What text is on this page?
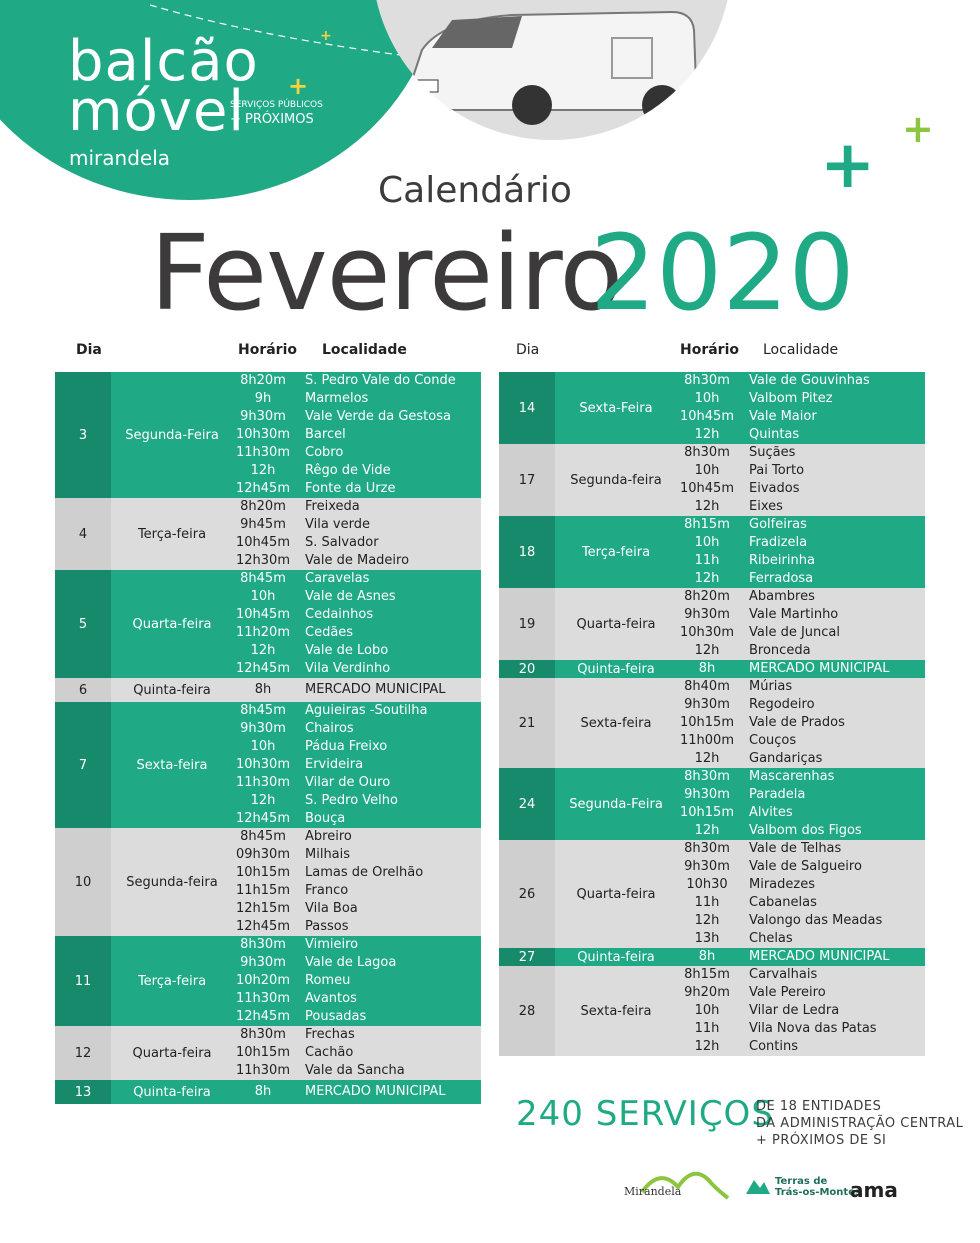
balcão
móvel
SERVIÇOS PÚBLICOS
+ PRÓXIMOS
mirandela
+
+
+ +
Calendário
Fevereiro
2020
Dia	Horário Localidade	Dia	Horário Localidade
3	Segunda-Feira
8h20m	S. Pedro Vale do Conde
9h	Marmelos
9h30m	Vale Verde da Gestosa
10h30m	Barcel
11h30m	Cobro
12h	Rêgo de Vide
12h45m	Fonte da Urze
4	Terça-feira
8h20m	Freixeda
9h45m	Vila verde
10h45m	S. Salvador
12h30m	Vale de Madeiro
5	Quarta-feira
8h45m	Caravelas
10h	Vale de Asnes
10h45m	Cedainhos
11h20m	Cedães
12h	Vale de Lobo
12h45m	Vila Verdinho
6	Quinta-feira	8h	MERCADO MUNICIPAL
7	Sexta-feira
8h45m	Aguieiras -Soutilha
9h30m	Chairos
10h	Pádua Freixo
10h30m	Ervideira
11h30m	Vilar de Ouro
12h	S. Pedro Velho
12h45m	Bouça
10	Segunda-feira
8h45m	Abreiro
09h30m	Milhais
10h15m	Lamas de Orelhão
11h15m	Franco
12h15m	Vila Boa
12h45m	Passos
11	Terça-feira
8h30m	Vimieiro
9h30m	Vale de Lagoa
10h20m	Romeu
11h30m	Avantos
12h45m	Pousadas
12	Quarta-feira
8h30m	Frechas
10h15m	Cachão
11h30m	Vale da Sancha
13	Quinta-feira	8h	MERCADO MUNICIPAL
14	Sexta-Feira
8h30m	Vale de Gouvinhas
10h	Valbom Pitez
10h45m	Vale Maior
12h	Quintas
17	Segunda-feira
8h30m	Suçães
10h	Pai Torto
10h45m	Eivados
12h	Eixes
18	Terça-feira
8h15m	Golfeiras
10h	Fradizela
11h	Ribeirinha
12h	Ferradosa
19	Quarta-feira
8h20m	Abambres
9h30m	Vale Martinho
10h30m	Vale de Juncal
12h	Bronceda
20	Quinta-feira	8h	MERCADO MUNICIPAL
21	Sexta-feira
8h40m	Múrias
9h30m	Regodeiro
10h15m	Vale de Prados
11h00m	Couços
12h	Gandariças
24	Segunda-Feira
8h30m	Mascarenhas
9h30m	Paradela
10h15m	Alvites
12h	Valbom dos Figos
26	Quarta-feira
8h30m	Vale de Telhas
9h30m	Vale de Salgueiro
10h30	Miradezes
11h	Cabanelas
12h	Valongo das Meadas
13h	Chelas
27	Quinta-feira	8h	MERCADO MUNICIPAL
28	Sexta-feira
8h15m	Carvalhais
9h20m	Vale Pereiro
10h	Vilar de Ledra
11h	Vila Nova das Patas
12h	Contins
240 SERVIÇOS
DE 18 ENTIDADES
DA ADMINISTRAÇÃO CENTRAL
+ PRÓXIMOS DE SI
Mirandela
Terras de
Trás-os-Montes
ama
